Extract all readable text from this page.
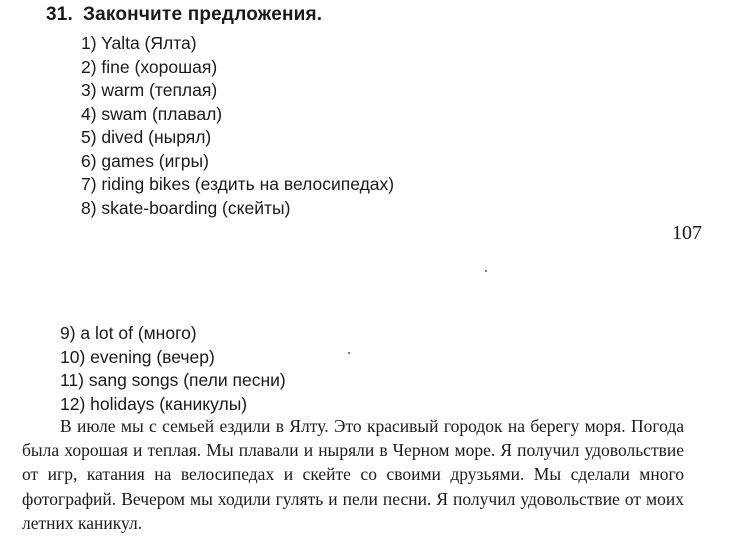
31. Закончите предложения.
1) Yalta (Ялта)
2) fine (хорошая)
3) warm (теплая)
4) swam (плавал)
5) dived (нырял)
6) games (игры)
7) riding bikes (ездить на велосипедах)
8) skate-boarding (скейты)
107
9) a lot of (много)
10) evening (вечер)
11) sang songs (пели песни)
12) holidays (каникулы)

В июле мы с семьей ездили в Ялту. Это красивый городок на берегу моря. Погода была хорошая и теплая. Мы плавали и ныряли в Черном море. Я получил удовольствие от игр, катания на велосипедах и скейте со своими друзьями. Мы сделали много фотографий. Вечером мы ходили гулять и пели песни. Я получил удовольствие от моих летних каникул.
